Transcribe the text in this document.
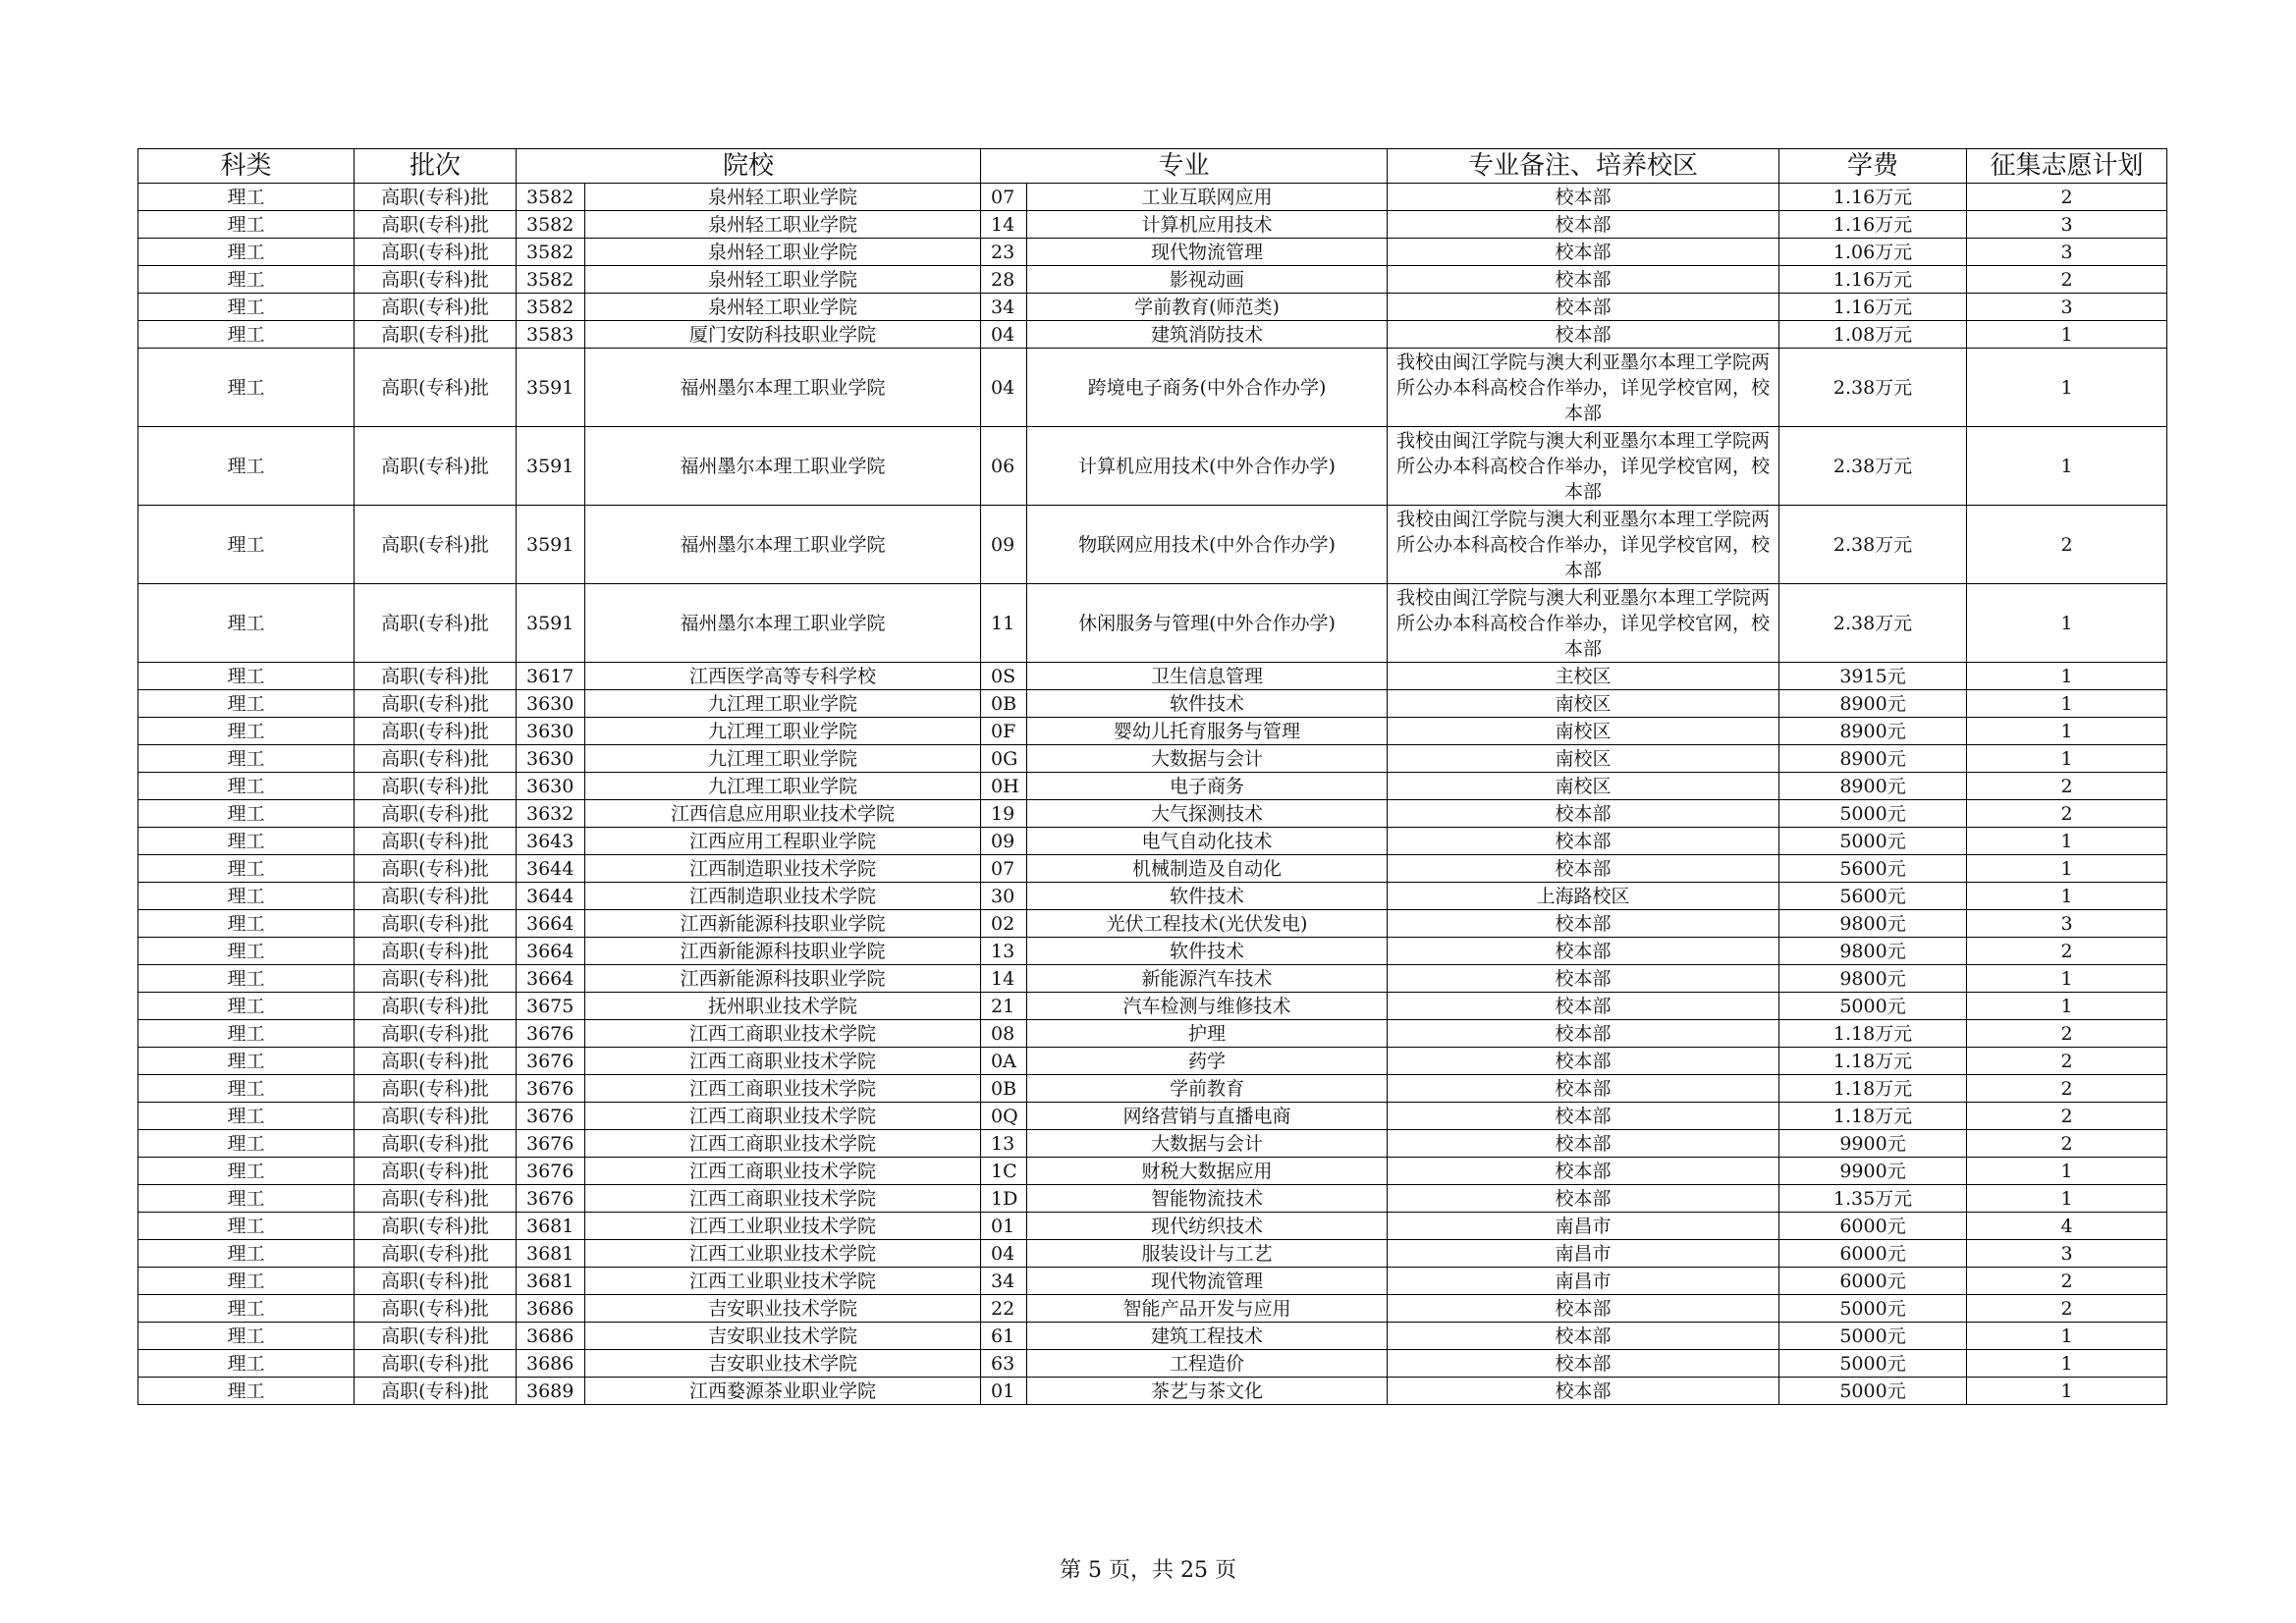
科类	批次	院校		专业		专业备注、培养校区	学费	征集志愿计划
理工	高职(专科)批	3582	泉州轻工职业学院	07	工业互联网应用	校本部	1.16万元	2
理工	高职(专科)批	3582	泉州轻工职业学院	14	计算机应用技术	校本部	1.16万元	3
理工	高职(专科)批	3582	泉州轻工职业学院	23	现代物流管理	校本部	1.06万元	3
理工	高职(专科)批	3582	泉州轻工职业学院	28	影视动画	校本部	1.16万元	2
理工	高职(专科)批	3582	泉州轻工职业学院	34	学前教育(师范类)	校本部	1.16万元	3
理工	高职(专科)批	3583	厦门安防科技职业学院	04	建筑消防技术	校本部	1.08万元	1
理工	高职(专科)批	3591	福州墨尔本理工职业学院	04	跨境电子商务(中外合作办学)	我校由闽江学院与澳大利亚墨尔本理工学院两所公办本科高校合作举办，详见学校官网，校本部	2.38万元	1
理工	高职(专科)批	3591	福州墨尔本理工职业学院	06	计算机应用技术(中外合作办学)	我校由闽江学院与澳大利亚墨尔本理工学院两所公办本科高校合作举办，详见学校官网，校本部	2.38万元	1
理工	高职(专科)批	3591	福州墨尔本理工职业学院	09	物联网应用技术(中外合作办学)	我校由闽江学院与澳大利亚墨尔本理工学院两所公办本科高校合作举办，详见学校官网，校本部	2.38万元	2
理工	高职(专科)批	3591	福州墨尔本理工职业学院	11	休闲服务与管理(中外合作办学)	我校由闽江学院与澳大利亚墨尔本理工学院两所公办本科高校合作举办，详见学校官网，校本部	2.38万元	1
理工	高职(专科)批	3617	江西医学高等专科学校	0S	卫生信息管理	主校区	3915元	1
理工	高职(专科)批	3630	九江理工职业学院	0B	软件技术	南校区	8900元	1
理工	高职(专科)批	3630	九江理工职业学院	0F	婴幼儿托育服务与管理	南校区	8900元	1
理工	高职(专科)批	3630	九江理工职业学院	0G	大数据与会计	南校区	8900元	1
理工	高职(专科)批	3630	九江理工职业学院	0H	电子商务	南校区	8900元	2
理工	高职(专科)批	3632	江西信息应用职业技术学院	19	大气探测技术	校本部	5000元	2
理工	高职(专科)批	3643	江西应用工程职业学院	09	电气自动化技术	校本部	5000元	1
理工	高职(专科)批	3644	江西制造职业技术学院	07	机械制造及自动化	校本部	5600元	1
理工	高职(专科)批	3644	江西制造职业技术学院	30	软件技术	上海路校区	5600元	1
理工	高职(专科)批	3664	江西新能源科技职业学院	02	光伏工程技术(光伏发电)	校本部	9800元	3
理工	高职(专科)批	3664	江西新能源科技职业学院	13	软件技术	校本部	9800元	2
理工	高职(专科)批	3664	江西新能源科技职业学院	14	新能源汽车技术	校本部	9800元	1
理工	高职(专科)批	3675	抚州职业技术学院	21	汽车检测与维修技术	校本部	5000元	1
理工	高职(专科)批	3676	江西工商职业技术学院	08	护理	校本部	1.18万元	2
理工	高职(专科)批	3676	江西工商职业技术学院	0A	药学	校本部	1.18万元	2
理工	高职(专科)批	3676	江西工商职业技术学院	0B	学前教育	校本部	1.18万元	2
理工	高职(专科)批	3676	江西工商职业技术学院	0Q	网络营销与直播电商	校本部	1.18万元	2
理工	高职(专科)批	3676	江西工商职业技术学院	13	大数据与会计	校本部	9900元	2
理工	高职(专科)批	3676	江西工商职业技术学院	1C	财税大数据应用	校本部	9900元	1
理工	高职(专科)批	3676	江西工商职业技术学院	1D	智能物流技术	校本部	1.35万元	1
理工	高职(专科)批	3681	江西工业职业技术学院	01	现代纺织技术	南昌市	6000元	4
理工	高职(专科)批	3681	江西工业职业技术学院	04	服装设计与工艺	南昌市	6000元	3
理工	高职(专科)批	3681	江西工业职业技术学院	34	现代物流管理	南昌市	6000元	2
理工	高职(专科)批	3686	吉安职业技术学院	22	智能产品开发与应用	校本部	5000元	2
理工	高职(专科)批	3686	吉安职业技术学院	61	建筑工程技术	校本部	5000元	1
理工	高职(专科)批	3686	吉安职业技术学院	63	工程造价	校本部	5000元	1
理工	高职(专科)批	3689	江西婺源茶业职业学院	01	茶艺与茶文化	校本部	5000元	1
第 5 页，共 25 页
